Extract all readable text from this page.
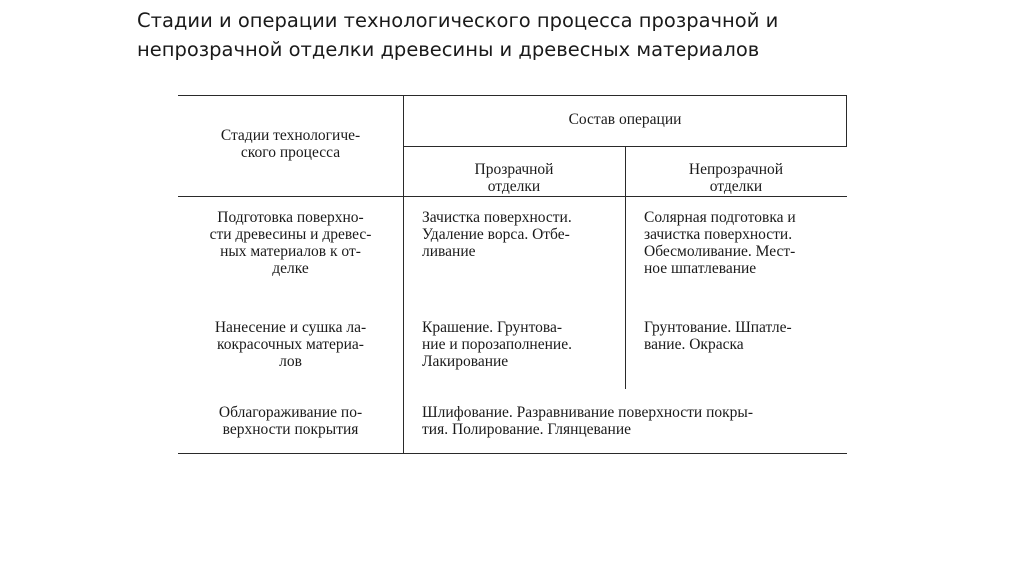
Стадии и операции технологического процесса прозрачной и
непрозрачной отделки древесины и древесных материалов
Стадии технологиче-
ского процесса
Состав операции
Прозрачной
отделки
Непрозрачной
отделки
Подготовка поверхно-
сти древесины и древес-
ных материалов к от-
делке
Зачистка поверхности.
Удаление ворса. Отбе-
ливание
Солярная подготовка и
зачистка поверхности.
Обесмоливание. Мест-
ное шпатлевание
Нанесение и сушка ла-
кокрасочных материа-
лов
Крашение. Грунтова-
ние и порозаполнение.
Лакирование
Грунтование. Шпатле-
вание. Окраска
Облагораживание по-
верхности покрытия
Шлифование. Разравнивание поверхности покры-
тия. Полирование. Глянцевание
